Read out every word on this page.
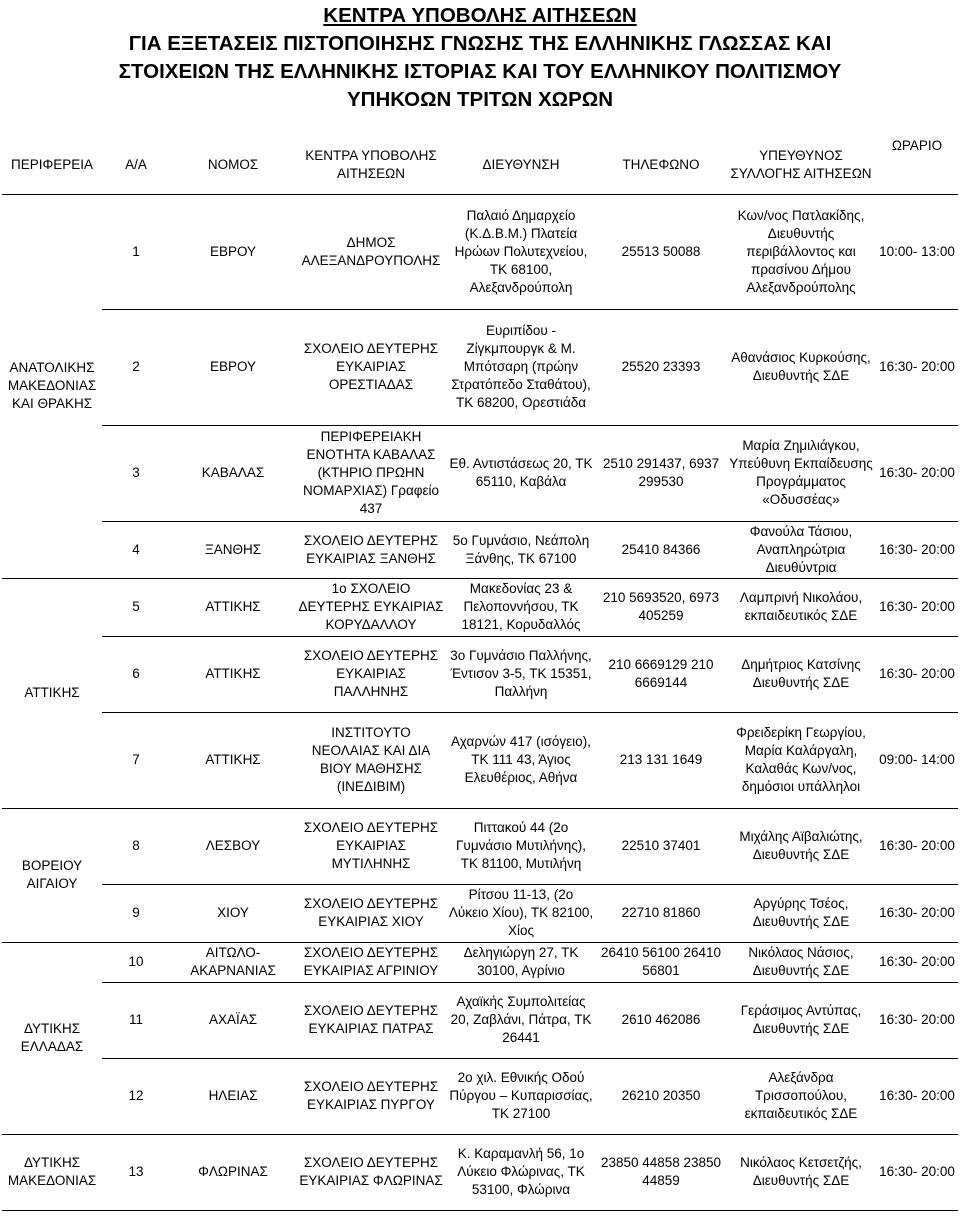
ΚΕΝΤΡΑ ΥΠΟΒΟΛΗΣ ΑΙΤΗΣΕΩΝ
ΓΙΑ ΕΞΕΤΑΣΕΙΣ ΠΙΣΤΟΠΟΙΗΣΗΣ ΓΝΩΣΗΣ ΤΗΣ ΕΛΛΗΝΙΚΗΣ ΓΛΩΣΣΑΣ ΚΑΙ
ΣΤΟΙΧΕΙΩΝ ΤΗΣ ΕΛΛΗΝΙΚΗΣ ΙΣΤΟΡΙΑΣ ΚΑΙ ΤΟΥ ΕΛΛΗΝΙΚΟΥ ΠΟΛΙΤΙΣΜΟΥ
ΥΠΗΚΟΩΝ ΤΡΙΤΩΝ ΧΩΡΩΝ
ΠΕΡΙΦΕΡΕΙΑ	Α/Α	ΝΟΜΟΣ	ΚΕΝΤΡΑ ΥΠΟΒΟΛΗΣ ΑΙΤΗΣΕΩΝ	ΔΙΕΥΘΥΝΣΗ	ΤΗΛΕΦΩΝΟ	ΥΠΕΥΘΥΝΟΣ ΣΥΛΛΟΓΗΣ ΑΙΤΗΣΕΩΝ	ΩΡΑΡΙΟ
ΑΝΑΤΟΛΙΚΗΣ ΜΑΚΕΔΟΝΙΑΣ ΚΑΙ ΘΡΑΚΗΣ	1	ΕΒΡΟΥ	ΔΗΜΟΣ ΑΛΕΞΑΝΔΡΟΥΠΟΛΗΣ	Παλαιό Δημαρχείο (Κ.Δ.Β.Μ.) Πλατεία Ηρώων Πολυτεχνείου, ΤΚ 68100, Αλεξανδρούπολη	25513 50088	Κων/νος Πατλακίδης, Διευθυντής περιβάλλοντος και πρασίνου Δήμου Αλεξανδρούπολης	10:00- 13:00
	2	ΕΒΡΟΥ	ΣΧΟΛΕΙΟ ΔΕΥΤΕΡΗΣ ΕΥΚΑΙΡΙΑΣ ΟΡΕΣΤΙΑΔΑΣ	Ευριπίδου - Ζίγκμπουργκ & Μ. Μπότσαρη (πρώην Στρατόπεδο Σταθάτου), ΤΚ 68200, Ορεστιάδα	25520 23393	Αθανάσιος Κυρκούσης, Διευθυντής ΣΔΕ	16:30- 20:00
	3	ΚΑΒΑΛΑΣ	ΠΕΡΙΦΕΡΕΙΑΚΗ ΕΝΟΤΗΤΑ ΚΑΒΑΛΑΣ (ΚΤΗΡΙΟ ΠΡΩΗΝ ΝΟΜΑΡΧΙΑΣ) Γραφείο 437	Εθ. Αντιστάσεως 20, ΤΚ 65110, Καβάλα	2510 291437, 6937 299530	Μαρία Ζημιλιάγκου, Υπεύθυνη Εκπαίδευσης Προγράμματος «Οδυσσέας»	16:30- 20:00
	4	ΞΑΝΘΗΣ	ΣΧΟΛΕΙΟ ΔΕΥΤΕΡΗΣ ΕΥΚΑΙΡΙΑΣ ΞΑΝΘΗΣ	5ο Γυμνάσιο, Νεάπολη Ξάνθης, ΤΚ 67100	25410 84366	Φανούλα Τάσιου, Αναπληρώτρια Διευθύντρια	16:30- 20:00
ΑΤΤΙΚΗΣ	5	ΑΤΤΙΚΗΣ	1ο ΣΧΟΛΕΙΟ ΔΕΥΤΕΡΗΣ ΕΥΚΑΙΡΙΑΣ ΚΟΡΥΔΑΛΛΟΥ	Μακεδονίας 23 & Πελοποννήσου, ΤΚ 18121, Κορυδαλλός	210 5693520, 6973 405259	Λαμπρινή Νικολάου, εκπαιδευτικός ΣΔΕ	16:30- 20:00
	6	ΑΤΤΙΚΗΣ	ΣΧΟΛΕΙΟ ΔΕΥΤΕΡΗΣ ΕΥΚΑΙΡΙΑΣ ΠΑΛΛΗΝΗΣ	3ο Γυμνάσιο Παλλήνης, Έντισον 3-5, ΤΚ 15351, Παλλήνη	210 6669129 210 6669144	Δημήτριος Κατσίνης Διευθυντής ΣΔΕ	16:30- 20:00
	7	ΑΤΤΙΚΗΣ	ΙΝΣΤΙΤΟΥΤΟ ΝΕΟΛΑΙΑΣ ΚΑΙ ΔΙΑ ΒΙΟΥ ΜΑΘΗΣΗΣ (ΙΝΕΔΙΒΙΜ)	Αχαρνών 417 (ισόγειο), ΤΚ 111 43, Άγιος Ελευθέριος, Αθήνα	213 131 1649	Φρειδερίκη Γεωργίου, Μαρία Καλάργαλη, Καλαθάς Κων/νος, δημόσιοι υπάλληλοι	09:00- 14:00
ΒΟΡΕΙΟΥ ΑΙΓΑΙΟΥ	8	ΛΕΣΒΟΥ	ΣΧΟΛΕΙΟ ΔΕΥΤΕΡΗΣ ΕΥΚΑΙΡΙΑΣ ΜΥΤΙΛΗΝΗΣ	Πιττακού 44 (2ο Γυμνάσιο Μυτιλήνης), ΤΚ 81100, Μυτιλήνη	22510 37401	Μιχάλης Αϊβαλιώτης, Διευθυντής ΣΔΕ	16:30- 20:00
	9	ΧΙΟΥ	ΣΧΟΛΕΙΟ ΔΕΥΤΕΡΗΣ ΕΥΚΑΙΡΙΑΣ ΧΙΟΥ	Ρίτσου 11-13, (2ο Λύκειο Χίου), ΤΚ 82100, Χίος	22710 81860	Αργύρης Τσέος, Διευθυντής ΣΔΕ	16:30- 20:00
ΔΥΤΙΚΗΣ ΕΛΛΑΔΑΣ	10	ΑΙΤΩΛΟ- ΑΚΑΡΝΑΝΙΑΣ	ΣΧΟΛΕΙΟ ΔΕΥΤΕΡΗΣ ΕΥΚΑΙΡΙΑΣ ΑΓΡΙΝΙΟΥ	Δεληγιώργη 27, ΤΚ 30100, Αγρίνιο	26410 56100 26410 56801	Νικόλαος Νάσιος, Διευθυντής ΣΔΕ	16:30- 20:00
	11	ΑΧΑΪΑΣ	ΣΧΟΛΕΙΟ ΔΕΥΤΕΡΗΣ ΕΥΚΑΙΡΙΑΣ ΠΑΤΡΑΣ	Αχαϊκής Συμπολιτείας 20, Ζαβλάνι, Πάτρα, ΤΚ 26441	2610 462086	Γεράσιμος Αντύπας, Διευθυντής ΣΔΕ	16:30- 20:00
	12	ΗΛΕΙΑΣ	ΣΧΟΛΕΙΟ ΔΕΥΤΕΡΗΣ ΕΥΚΑΙΡΙΑΣ ΠΥΡΓΟΥ	2ο χιλ. Εθνικής Οδού Πύργου – Κυπαρισσίας, ΤΚ 27100	26210 20350	Αλεξάνδρα Τρισσοπούλου, εκπαιδευτικός ΣΔΕ	16:30- 20:00
ΔΥΤΙΚΗΣ ΜΑΚΕΔΟΝΙΑΣ	13	ΦΛΩΡΙΝΑΣ	ΣΧΟΛΕΙΟ ΔΕΥΤΕΡΗΣ ΕΥΚΑΙΡΙΑΣ ΦΛΩΡΙΝΑΣ	Κ. Καραμανλή 56, 1ο Λύκειο Φλώρινας, ΤΚ 53100, Φλώρινα	23850 44858 23850 44859	Νικόλαος Κετσετζής, Διευθυντής ΣΔΕ	16:30- 20:00
